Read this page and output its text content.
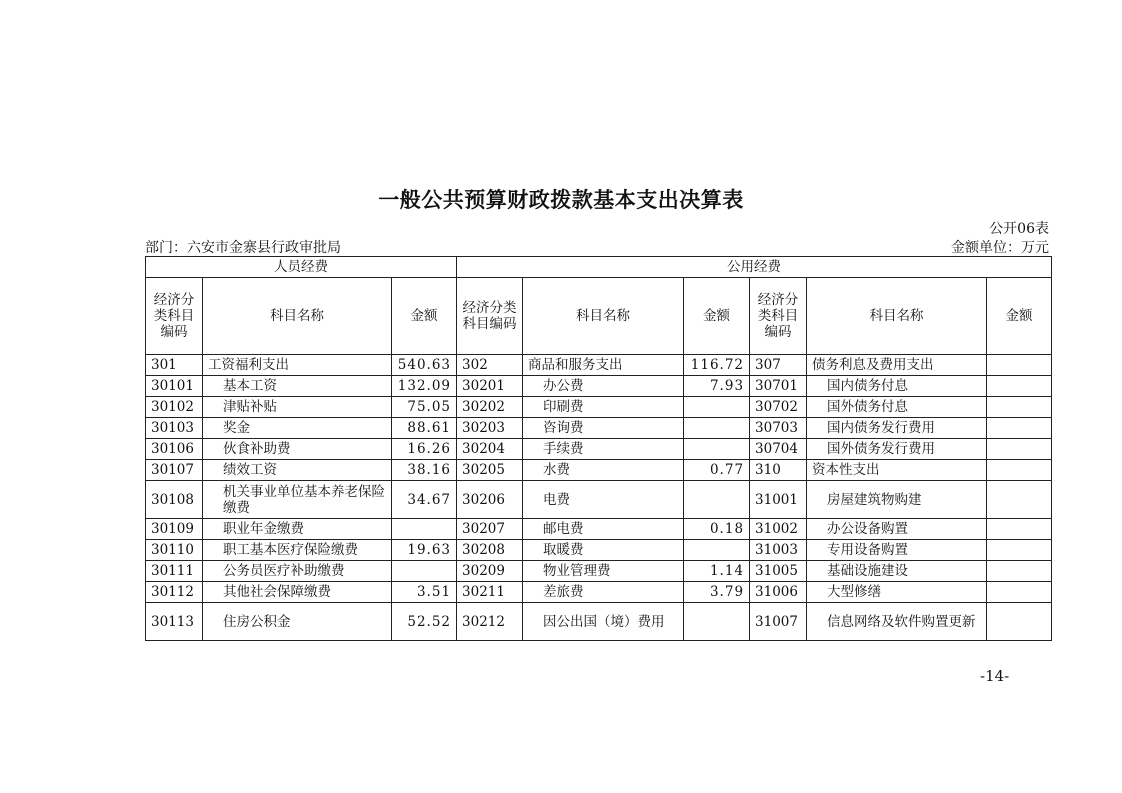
一般公共预算财政拨款基本支出决算表
公开06表
部门：六安市金寨县行政审批局	金额单位：万元
人员经费			公用经费					
经济分类科目编码	科目名称	金额	经济分类科目编码	科目名称	金额	经济分类科目编码	科目名称	金额
301	工资福利支出	540.63	302	商品和服务支出	116.72	307	债务利息及费用支出	
30101	基本工资	132.09	30201	办公费	7.93	30701	国内债务付息	
30102	津贴补贴	75.05	30202	印刷费		30702	国外债务付息	
30103	奖金	88.61	30203	咨询费		30703	国内债务发行费用	
30106	伙食补助费	16.26	30204	手续费		30704	国外债务发行费用	
30107	绩效工资	38.16	30205	水费	0.77	310	资本性支出	
30108	机关事业单位基本养老保险缴费	34.67	30206	电费		31001	房屋建筑物购建	
30109	职业年金缴费		30207	邮电费	0.18	31002	办公设备购置	
30110	职工基本医疗保险缴费	19.63	30208	取暖费		31003	专用设备购置	
30111	公务员医疗补助缴费		30209	物业管理费	1.14	31005	基础设施建设	
30112	其他社会保障缴费	3.51	30211	差旅费	3.79	31006	大型修缮	
30113	住房公积金	52.52	30212	因公出国（境）费用		31007	信息网络及软件购置更新	
-14-
